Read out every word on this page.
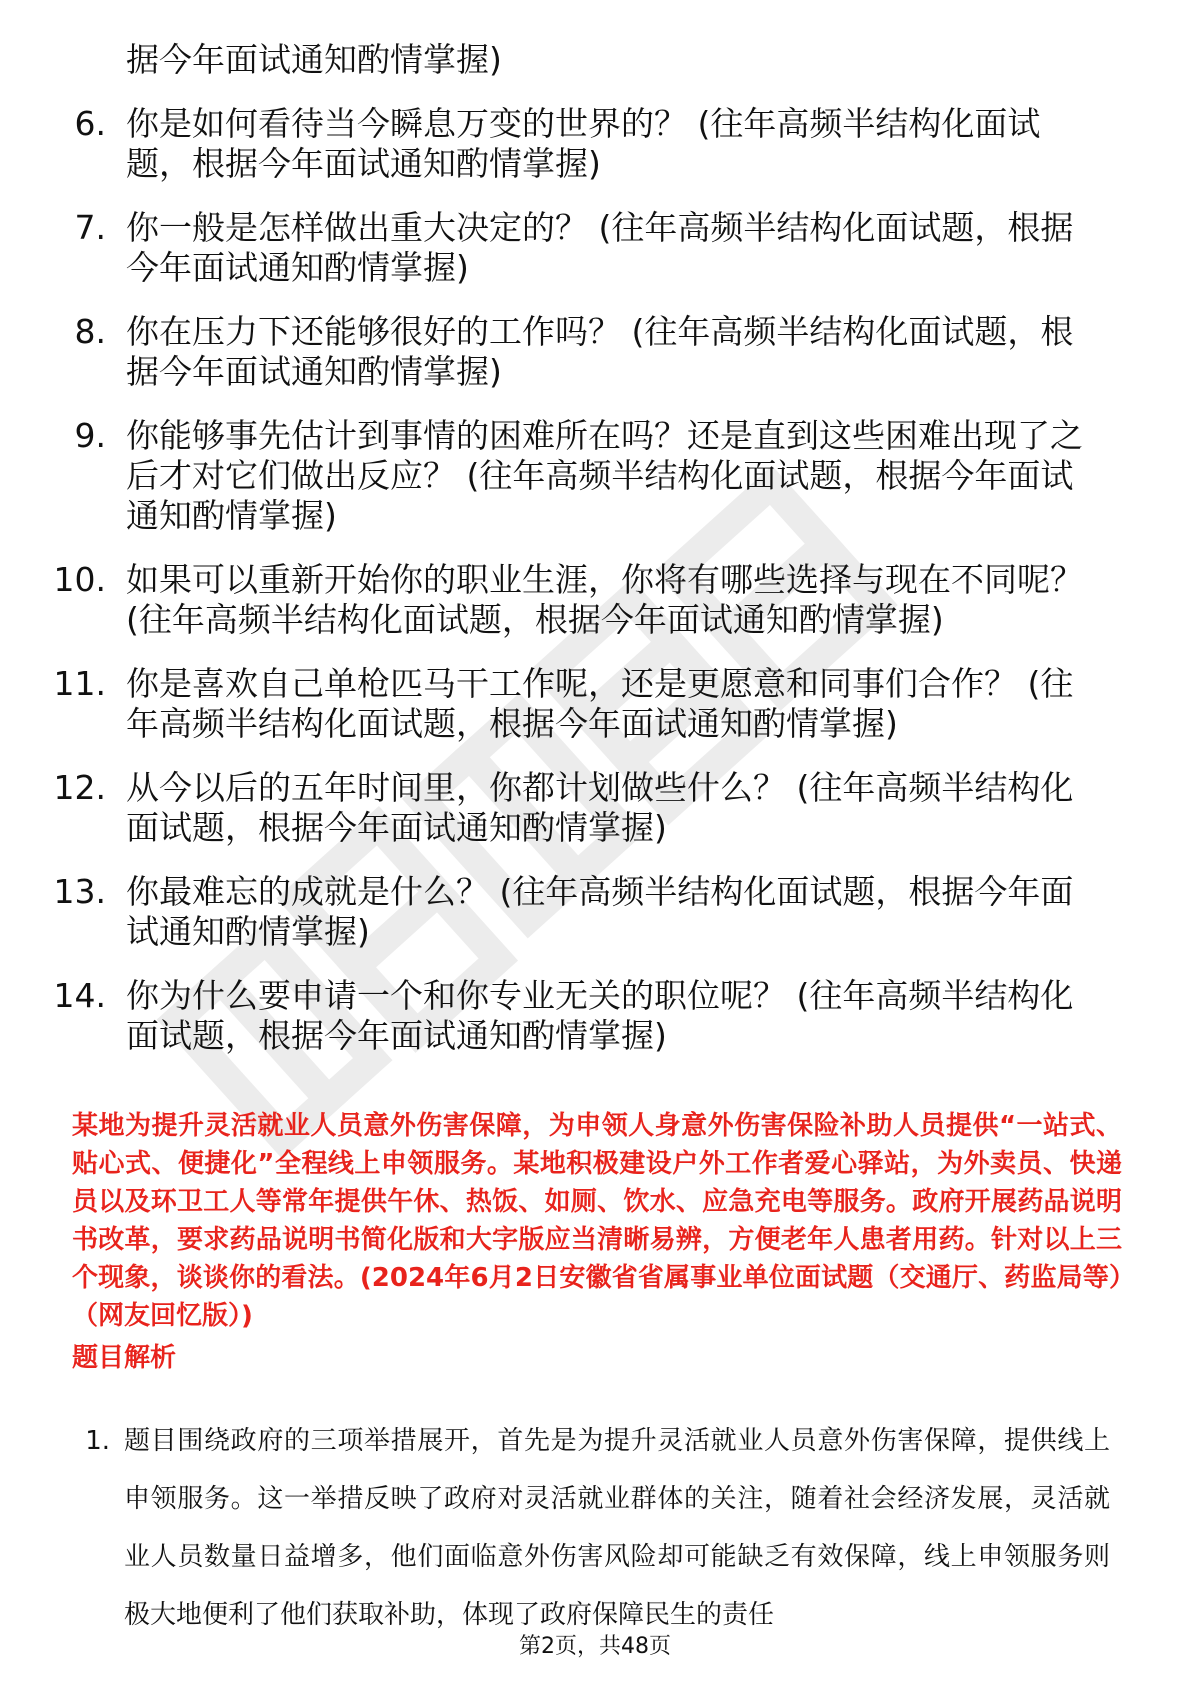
据今年面试通知酌情掌握)
6. 你是如何看待当今瞬息万变的世界的？ (往年高频半结构化面试题，根据今年面试通知酌情掌握)
7. 你一般是怎样做出重大决定的？ (往年高频半结构化面试题，根据今年面试通知酌情掌握)
8. 你在压力下还能够很好的工作吗？ (往年高频半结构化面试题，根据今年面试通知酌情掌握)
9. 你能够事先估计到事情的困难所在吗？还是直到这些困难出现了之后才对它们做出反应？ (往年高频半结构化面试题，根据今年面试通知酌情掌握)
10. 如果可以重新开始你的职业生涯，你将有哪些选择与现在不同呢？ (往年高频半结构化面试题，根据今年面试通知酌情掌握)
11. 你是喜欢自己单枪匹马干工作呢，还是更愿意和同事们合作？ (往年高频半结构化面试题，根据今年面试通知酌情掌握)
12. 从今以后的五年时间里，你都计划做些什么？ (往年高频半结构化面试题，根据今年面试通知酌情掌握)
13. 你最难忘的成就是什么？ (往年高频半结构化面试题，根据今年面试通知酌情掌握)
14. 你为什么要申请一个和你专业无关的职位呢？ (往年高频半结构化面试题，根据今年面试通知酌情掌握)
某地为提升灵活就业人员意外伤害保障，为申领人身意外伤害保险补助人员提供“一站式、贴心式、便捷化”全程线上申领服务。某地积极建设户外工作者爱心驿站，为外卖员、快递员以及环卫工人等常年提供午休、热饭、如厕、饮水、应急充电等服务。政府开展药品说明书改革，要求药品说明书简化版和大字版应当清晰易辨，方便老年人患者用药。针对以上三个现象，谈谈你的看法。(2024年6月2日安徽省省属事业单位面试题（交通厅、药监局等）（网友回忆版）)
题目解析
1. 题目围绕政府的三项举措展开，首先是为提升灵活就业人员意外伤害保障，提供线上申领服务。这一举措反映了政府对灵活就业群体的关注，随着社会经济发展，灵活就业人员数量日益增多，他们面临意外伤害风险却可能缺乏有效保障，线上申领服务则极大地便利了他们获取补助，体现了政府保障民生的责任
第2页，共48页
